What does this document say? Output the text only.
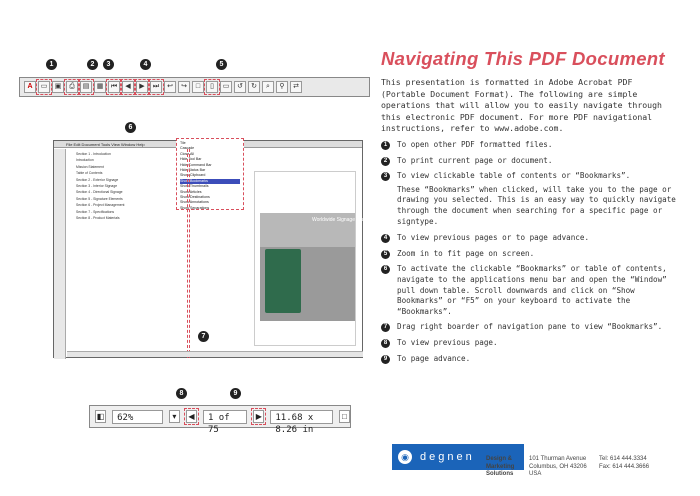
Navigating This PDF Document
This presentation is formatted in Adobe Acrobat PDF (Portable Document Format). The following are simple operations that will allow you to easily navigate through this electronic PDF document. For more PDF navigational instructions, refer to www.adobe.com.
1	To open other PDF formatted files.
2	To print current page or document.
3	To view clickable table of contents or “Bookmarks”.
These “Bookmarks” when clicked, will take you to the page or drawing you selected. This is an easy way to quickly navigate through the document when searching for a specific page or signtype.
4	To view previous pages or to page advance.
5	Zoom in to fit page on screen.
6	To activate the clickable “Bookmarks” or table of contents, navigate to the applications menu bar and open the “Window” pull down table. Scroll downwards and click on “Show Bookmarks” or “F5” on your keyboard to activate the “Bookmarks”.
7	Drag right boarder of navigation pane to view “Bookmarks”.
8	To view previous page.
9	To page advance.
1	2	3	4	5
A	▭	▣	⎙	▤	▦	⏮	◀	▶	⏭	↩	↪	□	▯	▭	↺	↻	⌕	⚲	⇄
6
File Edit Document Tools View Window Help
Section 1 - Introduction
Introduction
Mission Statement
Table of Contents
Section 2 - Exterior Signage
Section 3 - Interior Signage
Section 4 - Directional Signage
Section 5 - Signature Elements
Section 6 - Project Management
Section 7 - Specifications
Section 8 - Product Materials
Tile
Cascade
Close All
Hide Tool Bar
Hide Command Bar
Hide Status Bar
Show Clipboard
Show Bookmarks
Show Thumbnails
Show Articles
Show Destinations
Show Annotations
Show Separations
Worldwide Signage Guidelines
7
8	9
◧	62%	▾	◀	1 of 75
▶	11.68 x 8.26 in
□
◉ degnen Design & Marketing Solutions
101 Thurman Avenue
Columbus, OH 43206
USA
Tel: 614 444.3334
Fax: 614 444.3666
